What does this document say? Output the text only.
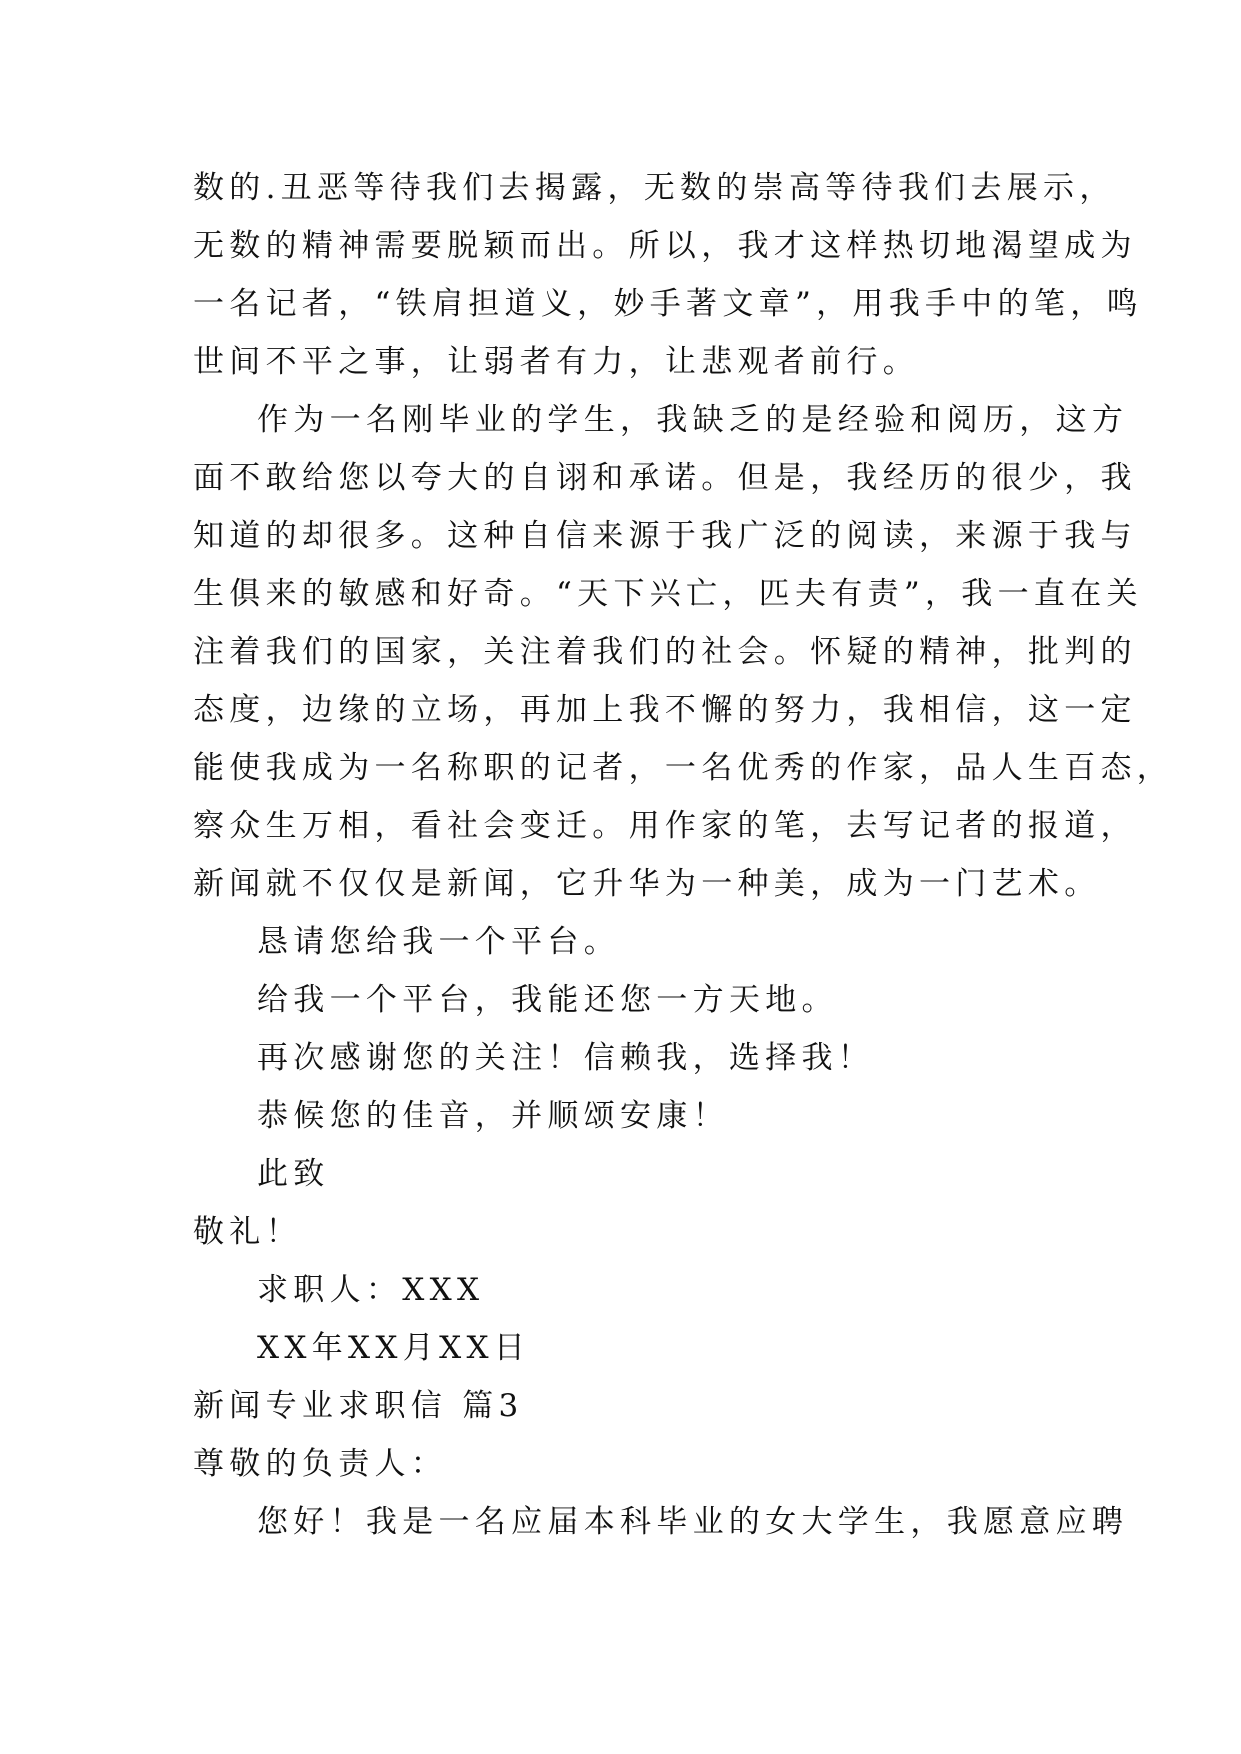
数的.丑恶等待我们去揭露，无数的崇高等待我们去展示，

无数的精神需要脱颖而出。所以，我才这样热切地渴望成为

一名记者，“铁肩担道义，妙手著文章”，用我手中的笔，鸣

世间不平之事，让弱者有力，让悲观者前行。

作为一名刚毕业的学生，我缺乏的是经验和阅历，这方

面不敢给您以夸大的自诩和承诺。但是，我经历的很少，我

知道的却很多。这种自信来源于我广泛的阅读，来源于我与

生俱来的敏感和好奇。“天下兴亡，匹夫有责”，我一直在关

注着我们的国家，关注着我们的社会。怀疑的精神，批判的

态度，边缘的立场，再加上我不懈的努力，我相信，这一定

能使我成为一名称职的记者，一名优秀的作家，品人生百态，

察众生万相，看社会变迁。用作家的笔，去写记者的报道，

新闻就不仅仅是新闻，它升华为一种美，成为一门艺术。

恳请您给我一个平台。

给我一个平台，我能还您一方天地。

再次感谢您的关注！信赖我，选择我！

恭候您的佳音，并顺颂安康！

此致

敬礼！

求职人：XXX

XX年XX月XX日

新闻专业求职信 篇3

尊敬的负责人：

您好！我是一名应届本科毕业的女大学生，我愿意应聘
